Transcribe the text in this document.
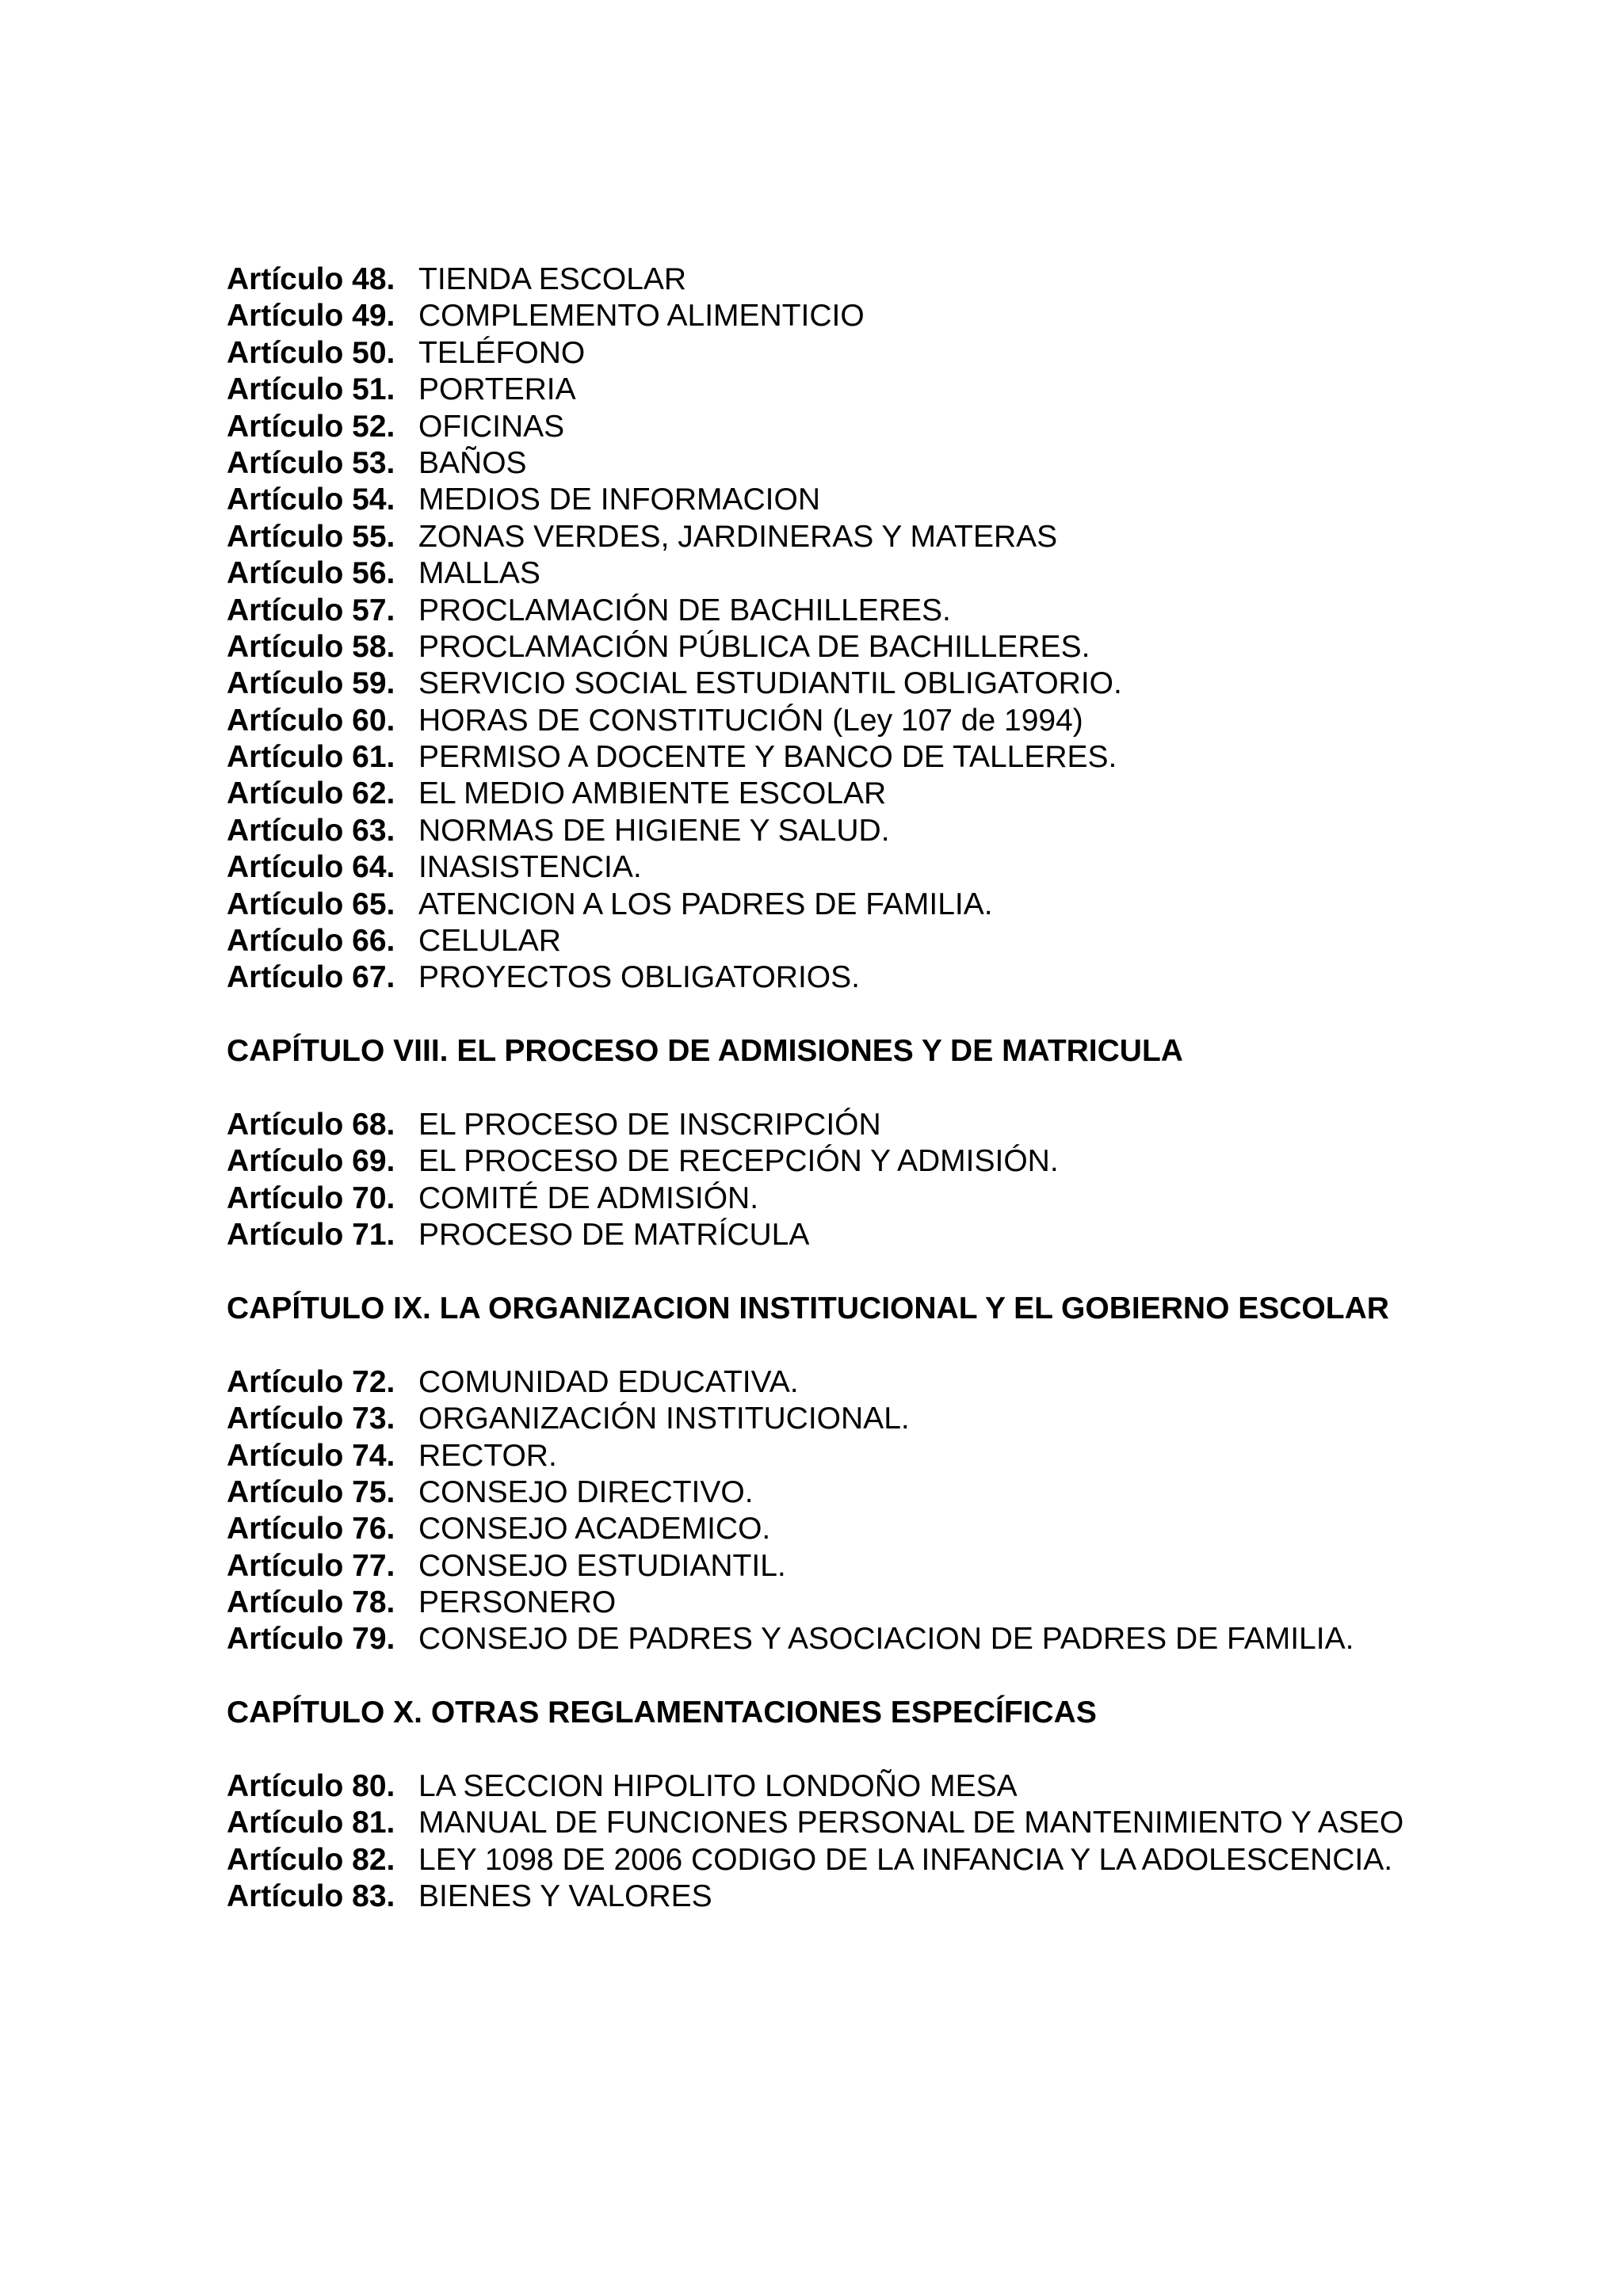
Artículo 48. TIENDA ESCOLAR
Artículo 49. COMPLEMENTO ALIMENTICIO
Artículo 50. TELÉFONO
Artículo 51. PORTERIA
Artículo 52. OFICINAS
Artículo 53. BAÑOS
Artículo 54. MEDIOS DE INFORMACION
Artículo 55. ZONAS VERDES, JARDINERAS Y MATERAS
Artículo 56. MALLAS
Artículo 57. PROCLAMACIÓN DE BACHILLERES.
Artículo 58. PROCLAMACIÓN PÚBLICA DE BACHILLERES.
Artículo 59. SERVICIO SOCIAL ESTUDIANTIL OBLIGATORIO.
Artículo 60. HORAS DE CONSTITUCIÓN (Ley 107 de 1994)
Artículo 61. PERMISO A DOCENTE Y BANCO DE TALLERES.
Artículo 62. EL MEDIO AMBIENTE ESCOLAR
Artículo 63. NORMAS DE HIGIENE Y SALUD.
Artículo 64. INASISTENCIA.
Artículo 65. ATENCION A LOS PADRES DE FAMILIA.
Artículo 66. CELULAR
Artículo 67. PROYECTOS OBLIGATORIOS.
CAPÍTULO VIII. EL PROCESO DE ADMISIONES Y DE MATRICULA
Artículo 68. EL PROCESO DE INSCRIPCIÓN
Artículo 69. EL PROCESO DE RECEPCIÓN Y ADMISIÓN.
Artículo 70. COMITÉ DE ADMISIÓN.
Artículo 71. PROCESO DE MATRÍCULA
CAPÍTULO IX. LA ORGANIZACION INSTITUCIONAL Y EL GOBIERNO ESCOLAR
Artículo 72. COMUNIDAD EDUCATIVA.
Artículo 73. ORGANIZACIÓN INSTITUCIONAL.
Artículo 74. RECTOR.
Artículo 75. CONSEJO DIRECTIVO.
Artículo 76. CONSEJO ACADEMICO.
Artículo 77. CONSEJO ESTUDIANTIL.
Artículo 78. PERSONERO
Artículo 79. CONSEJO DE PADRES Y ASOCIACION DE PADRES DE FAMILIA.
CAPÍTULO X. OTRAS REGLAMENTACIONES ESPECÍFICAS
Artículo 80. LA SECCION HIPOLITO LONDOÑO MESA
Artículo 81. MANUAL DE FUNCIONES PERSONAL DE MANTENIMIENTO Y ASEO
Artículo 82. LEY 1098 DE 2006 CODIGO DE LA INFANCIA Y LA ADOLESCENCIA.
Artículo 83. BIENES Y VALORES
